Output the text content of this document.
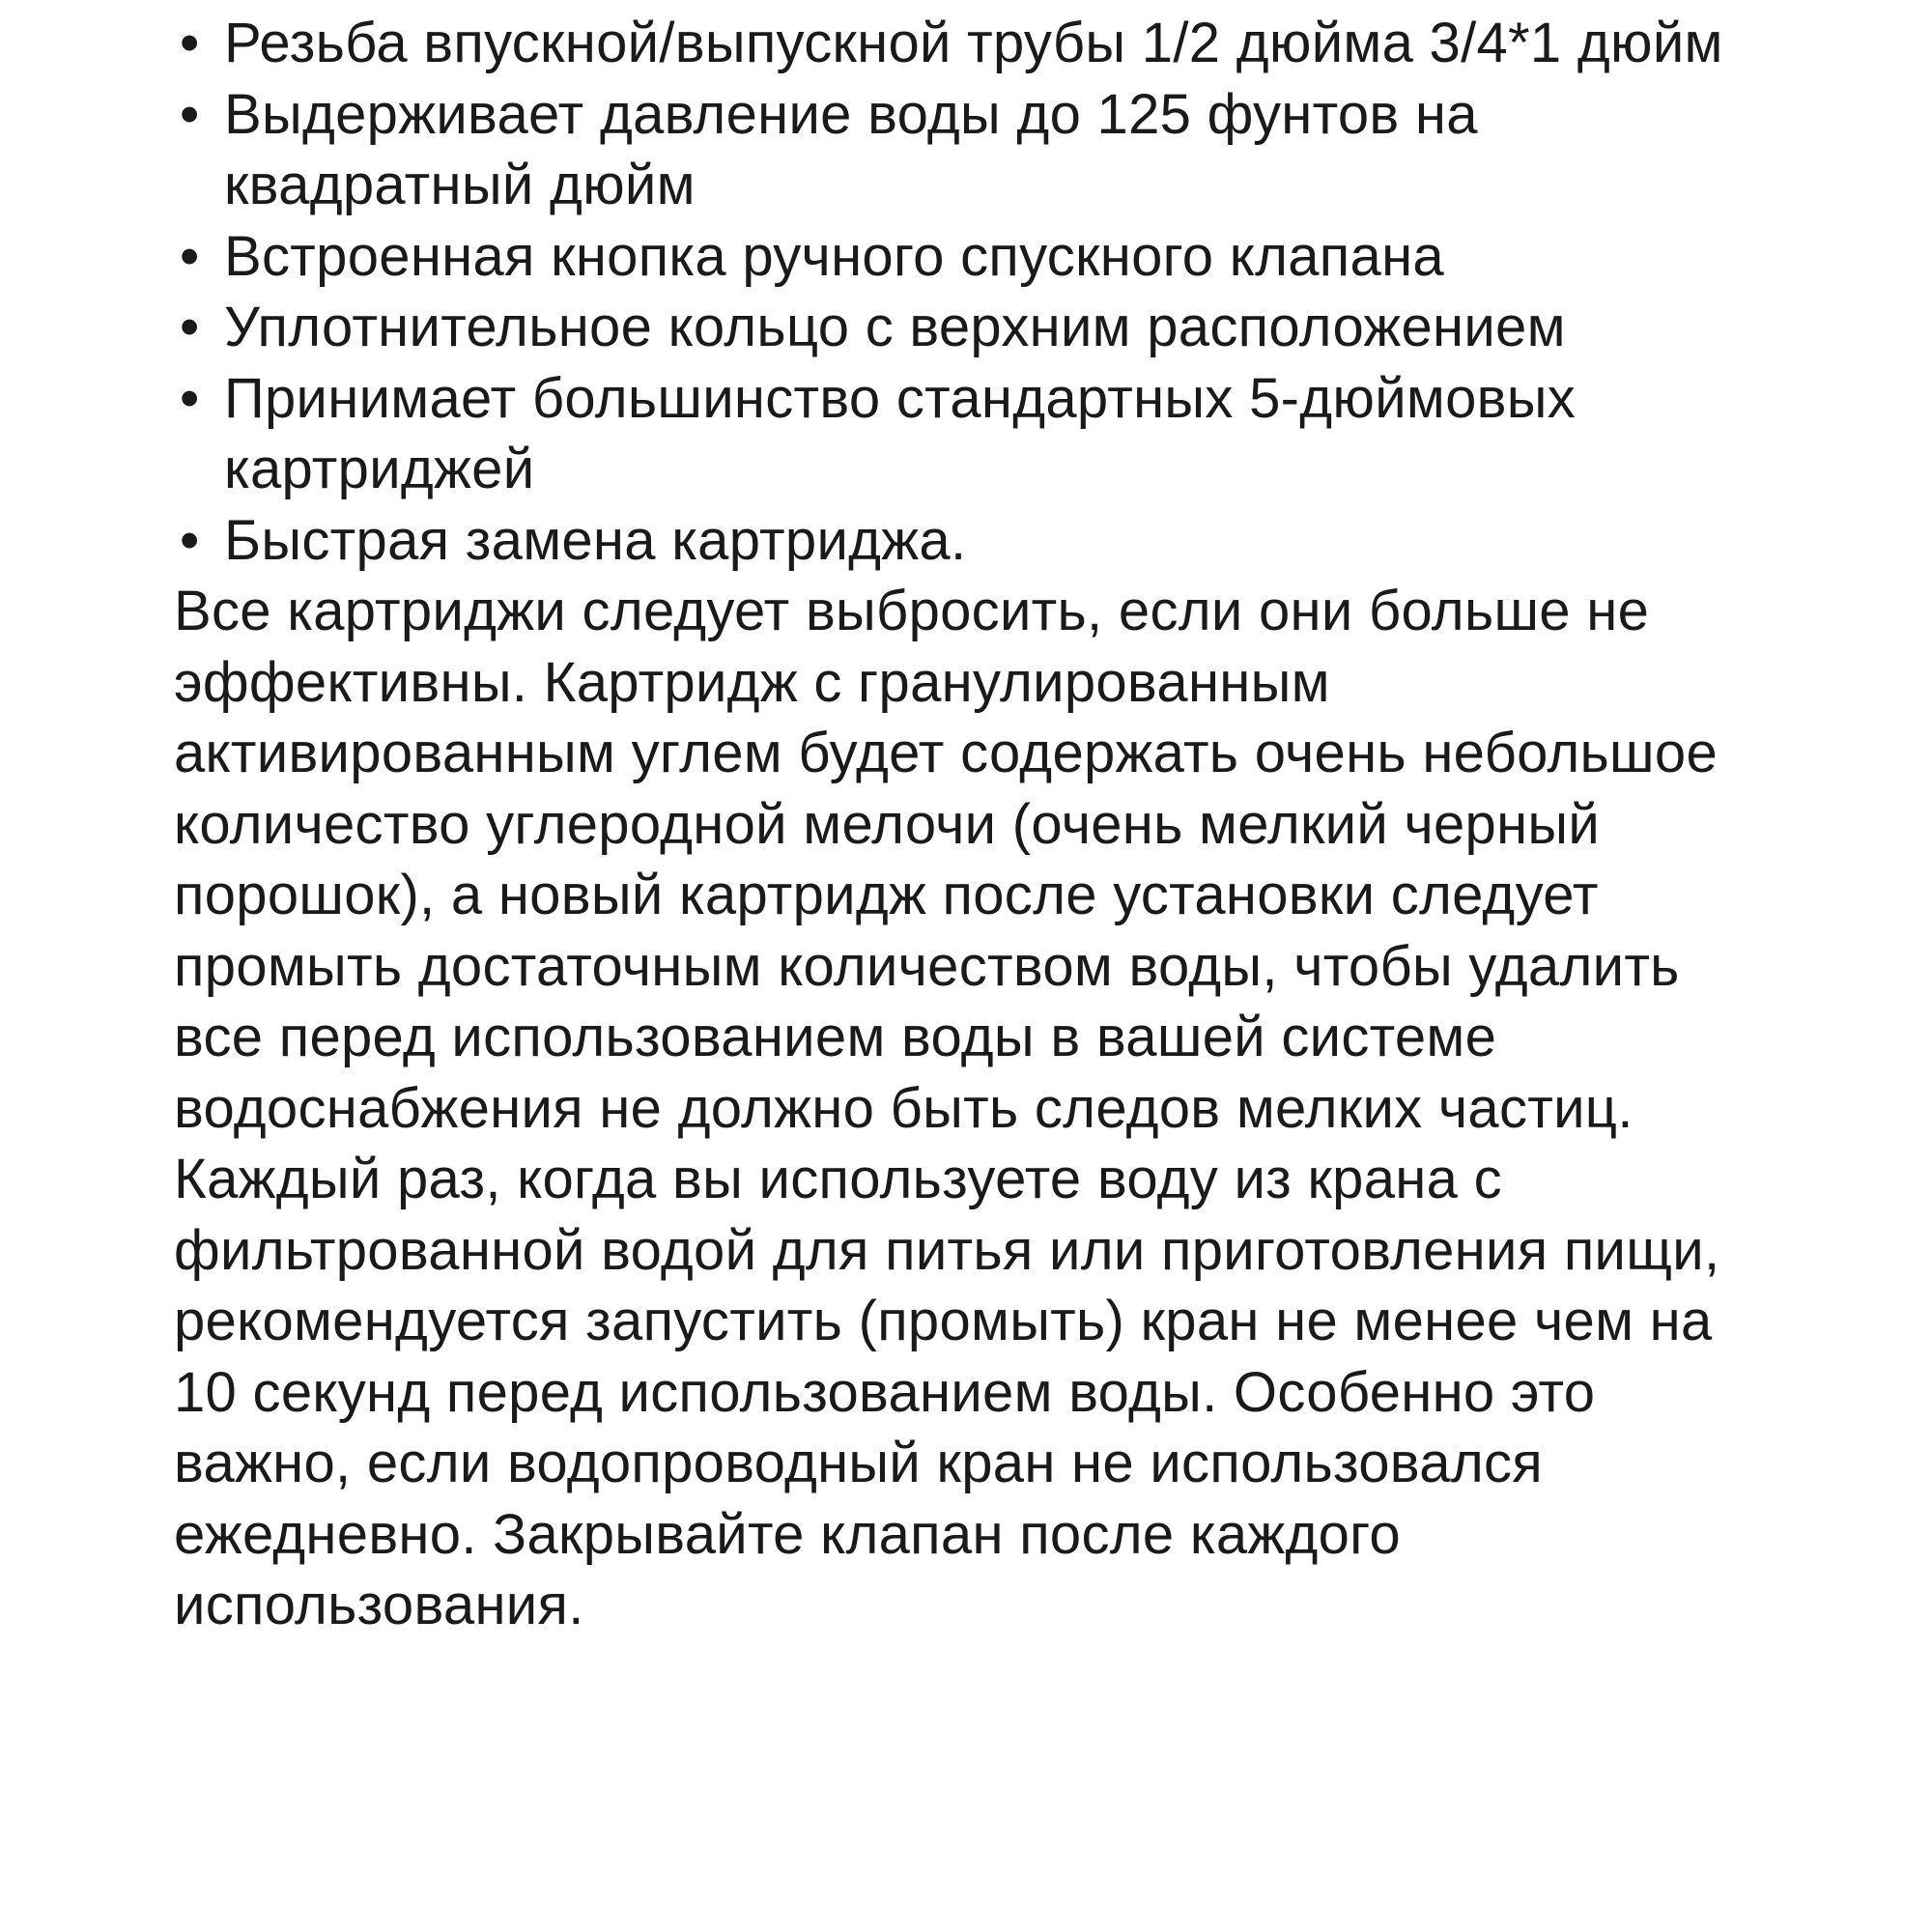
• Резьба впускной/выпускной трубы 1/2 дюйма 3/4*1 дюйм
• Выдерживает давление воды до 125 фунтов на квадратный дюйм
• Встроенная кнопка ручного спускного клапана
• Уплотнительное кольцо с верхним расположением
• Принимает большинство стандартных 5-дюймовых картриджей
• Быстрая замена картриджа.

Все картриджи следует выбросить, если они больше не эффективны. Картридж с гранулированным активированным углем будет содержать очень небольшое количество углеродной мелочи (очень мелкий черный порошок), а новый картридж после установки следует промыть достаточным количеством воды, чтобы удалить все перед использованием воды в вашей системе водоснабжения не должно быть следов мелких частиц. Каждый раз, когда вы используете воду из крана с фильтрованной водой для питья или приготовления пищи, рекомендуется запустить (промыть) кран не менее чем на 10 секунд перед использованием воды. Особенно это важно, если водопроводный кран не использовался ежедневно. Закрывайте клапан после каждого использования.
